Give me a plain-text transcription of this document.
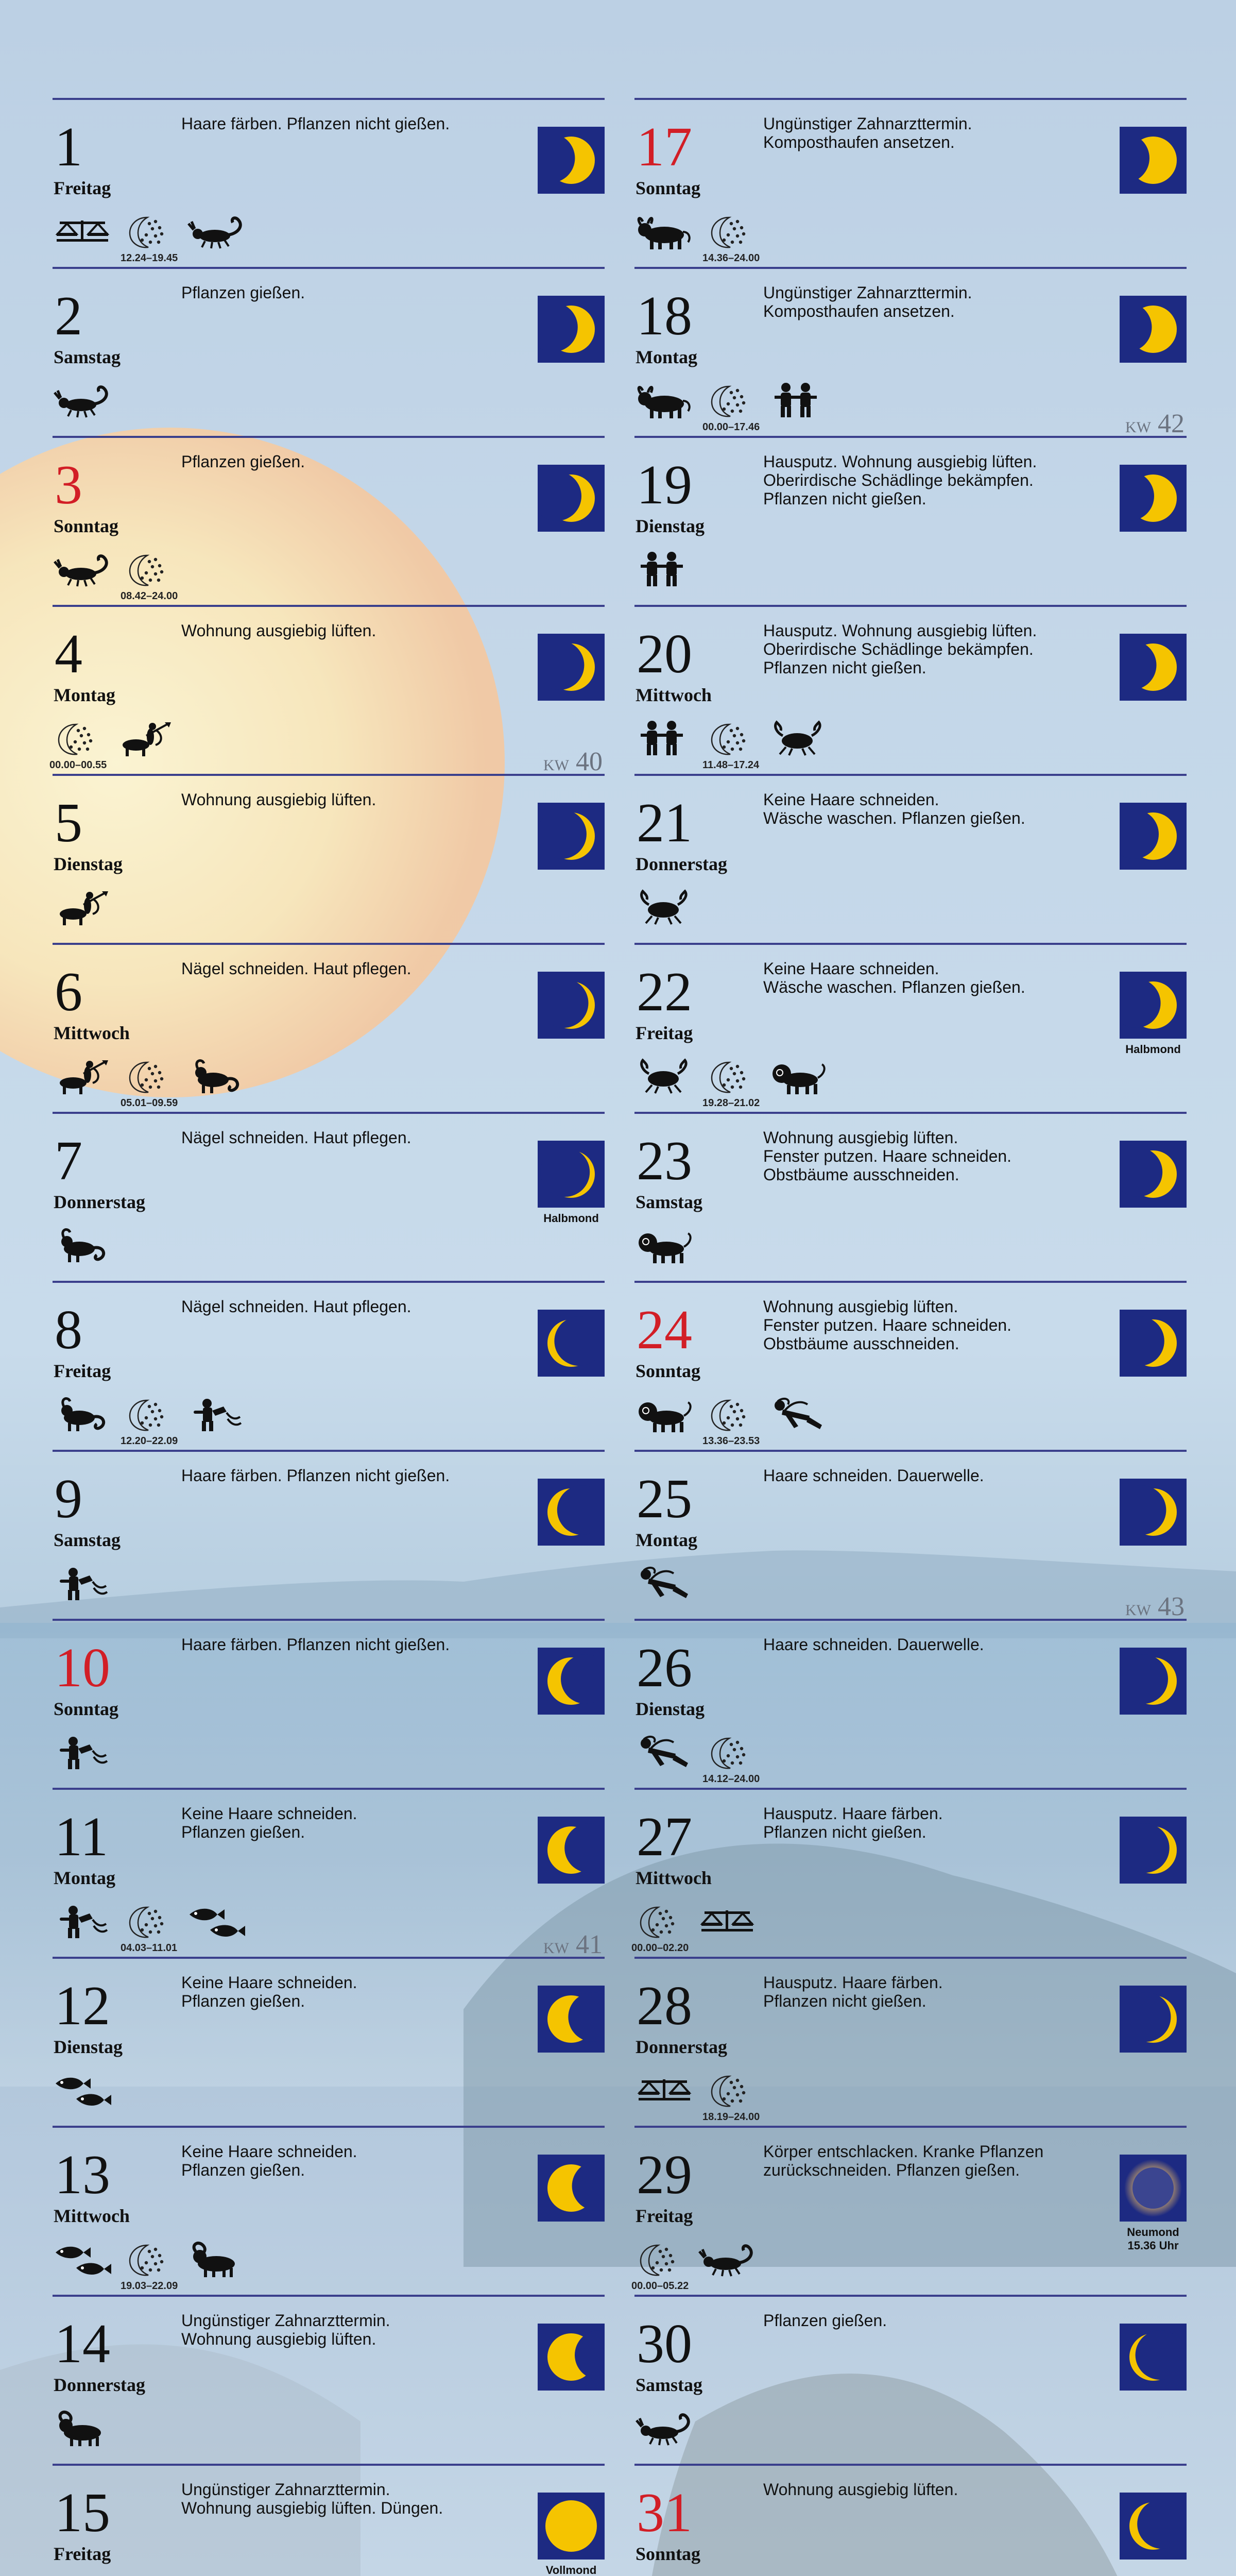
1
Freitag
Haare färben. Pflanzen nicht gießen.
12.24–19.45
2
Samstag
Pflanzen gießen.
3
Sonntag
Pflanzen gießen.
08.42–24.00
4
Montag
Wohnung ausgiebig lüften.
00.00–00.55	KW 40
5
Dienstag
Wohnung ausgiebig lüften.
6
Mittwoch
Nägel schneiden. Haut pflegen.
05.01–09.59
7
Donnerstag
Nägel schneiden. Haut pflegen.
Halbmond
8
Freitag
Nägel schneiden. Haut pflegen.
12.20–22.09
9
Samstag
Haare färben. Pflanzen nicht gießen.
10
Sonntag
Haare färben. Pflanzen nicht gießen.
11
Montag
Keine Haare schneiden.
Pflanzen gießen.
04.03–11.01	KW 41
12
Dienstag
Keine Haare schneiden.
Pflanzen gießen.
13
Mittwoch
Keine Haare schneiden.
Pflanzen gießen.
19.03–22.09
14
Donnerstag
Ungünstiger Zahnarzttermin.
Wohnung ausgiebig lüften.
15
Freitag
Ungünstiger Zahnarzttermin.
Wohnung ausgiebig lüften. Düngen.
Vollmond

17
Sonntag
Ungünstiger Zahnarzttermin.
Komposthaufen ansetzen.
14.36–24.00
18
Montag
Ungünstiger Zahnarzttermin.
Komposthaufen ansetzen.
00.00–17.46	KW 42
19
Dienstag
Hausputz. Wohnung ausgiebig lüften.
Oberirdische Schädlinge bekämpfen.
Pflanzen nicht gießen.
20
Mittwoch
Hausputz. Wohnung ausgiebig lüften.
Oberirdische Schädlinge bekämpfen.
Pflanzen nicht gießen.
11.48–17.24
21
Donnerstag
Keine Haare schneiden.
Wäsche waschen. Pflanzen gießen.
22
Freitag
Keine Haare schneiden.
Wäsche waschen. Pflanzen gießen.
Halbmond
19.28–21.02
23
Samstag
Wohnung ausgiebig lüften.
Fenster putzen. Haare schneiden.
Obstbäume ausschneiden.
24
Sonntag
Wohnung ausgiebig lüften.
Fenster putzen. Haare schneiden.
Obstbäume ausschneiden.
13.36–23.53
25
Montag
Haare schneiden. Dauerwelle.
KW 43
26
Dienstag
Haare schneiden. Dauerwelle.
14.12–24.00
27
Mittwoch
Hausputz. Haare färben.
Pflanzen nicht gießen.
00.00–02.20
28
Donnerstag
Hausputz. Haare färben.
Pflanzen nicht gießen.
18.19–24.00
29
Freitag
Körper entschlacken. Kranke Pflanzen
zurückschneiden. Pflanzen gießen.
Neumond
15.36 Uhr
00.00–05.22
30
Samstag
Pflanzen gießen.
31
Sonntag
Wohnung ausgiebig lüften.
